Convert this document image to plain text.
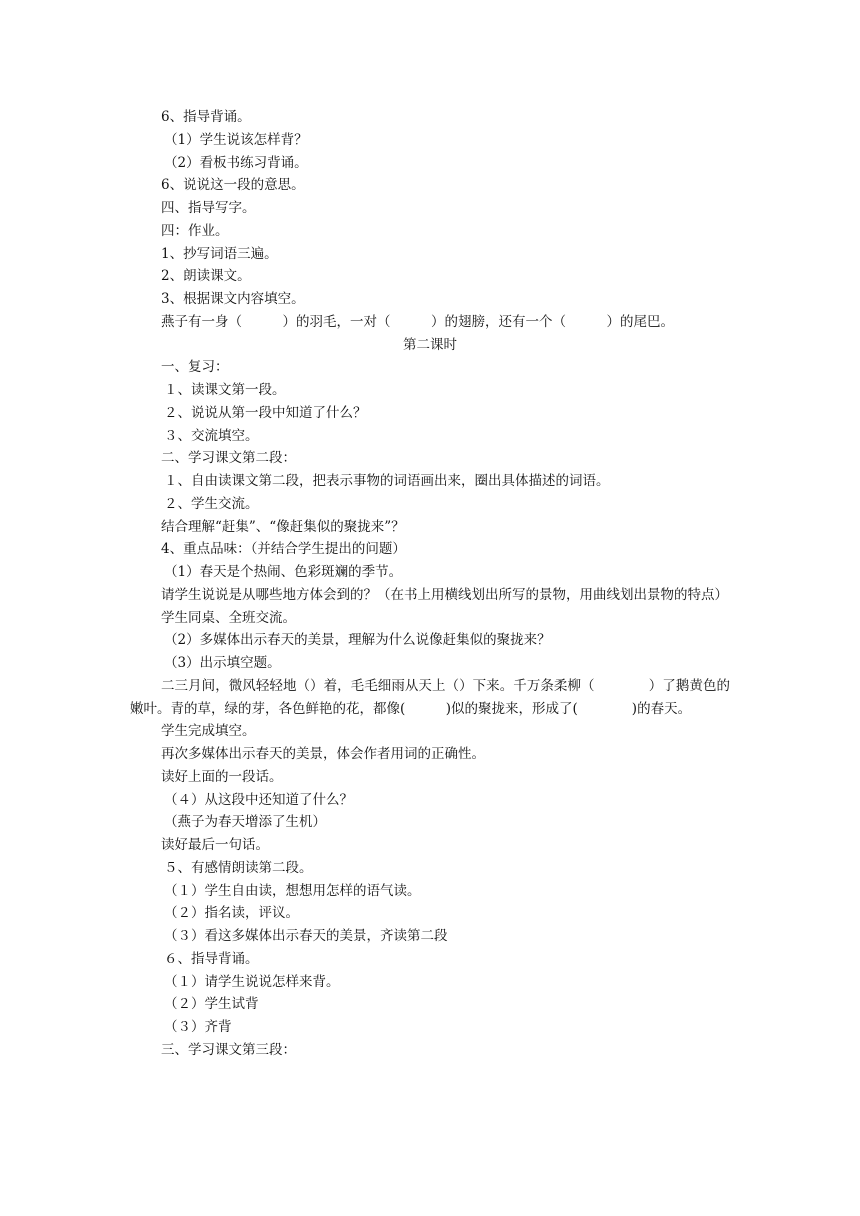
6、指导背诵。
（1）学生说该怎样背？
（2）看板书练习背诵。
6、说说这一段的意思。
四、指导写字。
四：作业。
1、抄写词语三遍。
2、朗读课文。
3、根据课文内容填空。
燕子有一身（　　　）的羽毛，一对（　　　）的翅膀，还有一个（　　　）的尾巴。
第二课时
一、复习：
１、读课文第一段。
２、说说从第一段中知道了什么？
３、交流填空。
二、学习课文第二段：
１、自由读课文第二段，把表示事物的词语画出来，圈出具体描述的词语。
２、学生交流。
结合理解“赶集”、“像赶集似的聚拢来”？
4、重点品味：（并结合学生提出的问题）
（1）春天是个热闹、色彩斑斓的季节。
请学生说说是从哪些地方体会到的？（在书上用横线划出所写的景物，用曲线划出景物的特点）
学生同桌、全班交流。
（2）多媒体出示春天的美景，理解为什么说像赶集似的聚拢来？
（3）出示填空题。
二三月间，微风轻轻地（）着，毛毛细雨从天上（）下来。千万条柔柳（　　　　）了鹅黄色的嫩叶。青的草，绿的芽，各色鲜艳的花，都像(　　　)似的聚拢来，形成了(　　　　)的春天。
学生完成填空。
再次多媒体出示春天的美景，体会作者用词的正确性。
读好上面的一段话。
（４）从这段中还知道了什么？
（燕子为春天增添了生机）
读好最后一句话。
５、有感情朗读第二段。
（１）学生自由读，想想用怎样的语气读。
（２）指名读，评议。
（３）看这多媒体出示春天的美景，齐读第二段
６、指导背诵。
（１）请学生说说怎样来背。
（２）学生试背
（３）齐背
三、学习课文第三段：
